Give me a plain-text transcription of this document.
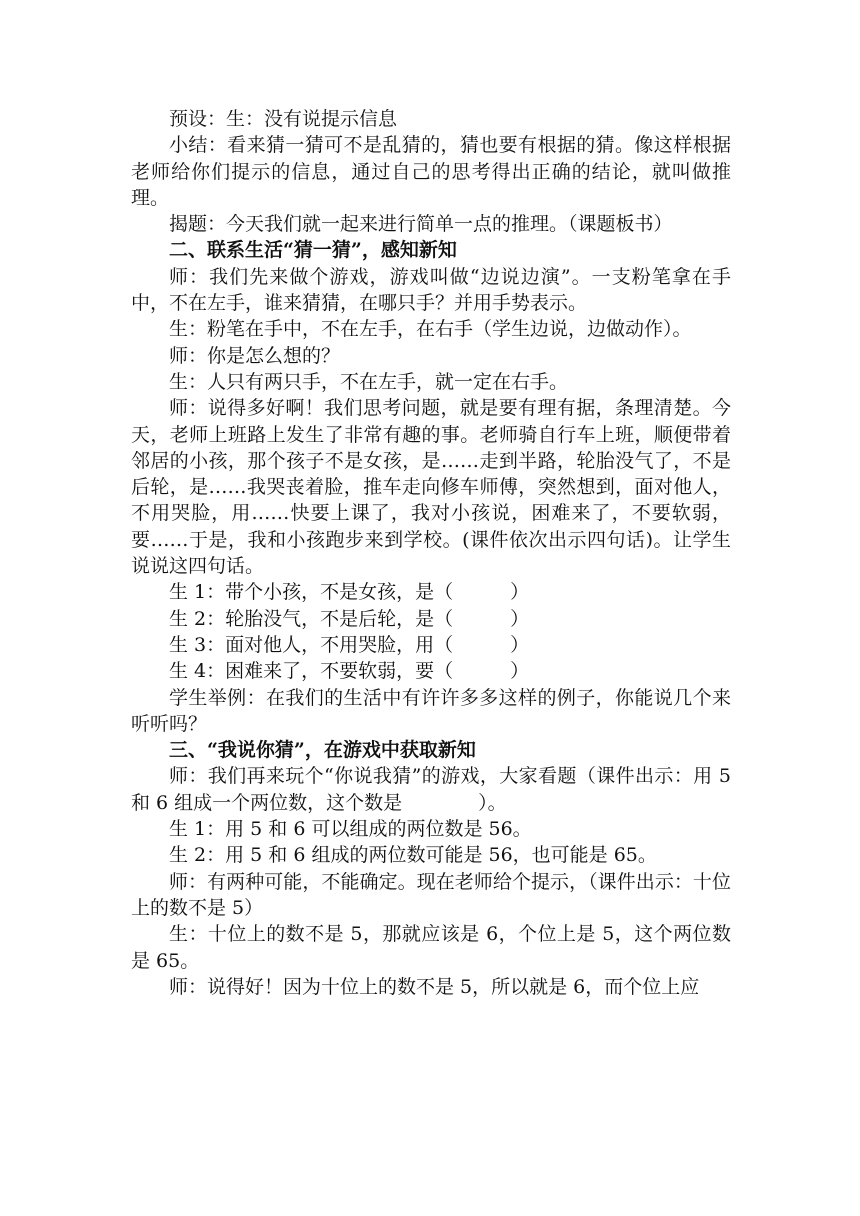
预设：生：没有说提示信息

小结：看来猜一猜可不是乱猜的，猜也要有根据的猜。像这样根据老师给你们提示的信息，通过自己的思考得出正确的结论，就叫做推理。

揭题：今天我们就一起来进行简单一点的推理。（课题板书）

二、联系生活“猜一猜”，感知新知

师：我们先来做个游戏，游戏叫做“边说边演”。一支粉笔拿在手中，不在左手，谁来猜猜，在哪只手？并用手势表示。

生：粉笔在手中，不在左手，在右手（学生边说，边做动作）。

师：你是怎么想的？

生：人只有两只手，不在左手，就一定在右手。

师：说得多好啊！我们思考问题，就是要有理有据，条理清楚。今天，老师上班路上发生了非常有趣的事。老师骑自行车上班，顺便带着邻居的小孩，那个孩子不是女孩，是……走到半路，轮胎没气了，不是后轮，是……我哭丧着脸，推车走向修车师傅，突然想到，面对他人，不用哭脸，用……快要上课了，我对小孩说，困难来了，不要软弱，要……于是，我和小孩跑步来到学校。(课件依次出示四句话)。让学生说说这四句话。

生 1：带个小孩，不是女孩，是（　　　）

生 2：轮胎没气，不是后轮，是（　　　）

生 3：面对他人，不用哭脸，用（　　　）

生 4：困难来了，不要软弱，要（　　　）

学生举例：在我们的生活中有许许多多这样的例子，你能说几个来听听吗？

三、“我说你猜”，在游戏中获取新知

师：我们再来玩个“你说我猜”的游戏，大家看题（课件出示：用 5 和 6 组成一个两位数，这个数是　　　　）。

生 1：用 5 和 6 可以组成的两位数是 56。

生 2：用 5 和 6 组成的两位数可能是 56，也可能是 65。

师：有两种可能，不能确定。现在老师给个提示，（课件出示：十位上的数不是 5）

生：十位上的数不是 5，那就应该是 6，个位上是 5，这个两位数是 65。

师：说得好！因为十位上的数不是 5，所以就是 6，而个位上应
